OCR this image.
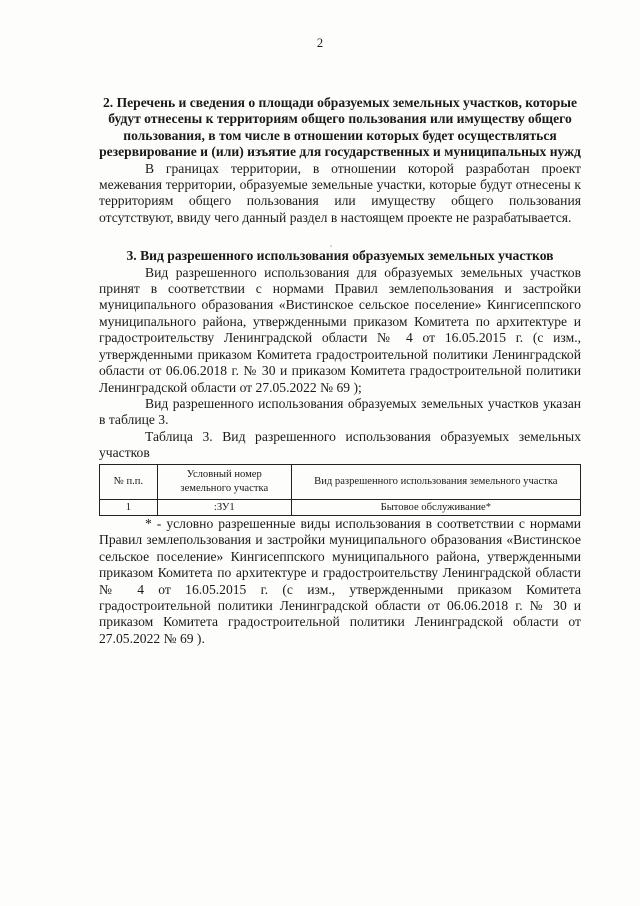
2

2. Перечень и сведения о площади образуемых земельных участков, которые будут отнесены к территориям общего пользования или имуществу общего пользования, в том числе в отношении которых будет осуществляться резервирование и (или) изъятие для государственных и муниципальных нужд

В границах территории, в отношении которой разработан проект межевания территории, образуемые земельные участки, которые будут отнесены к территориям общего пользования или имуществу общего пользования отсутствуют, ввиду чего данный раздел в настоящем проекте не разрабатывается.

3. Вид разрешенного использования образуемых земельных участков

Вид разрешенного использования для образуемых земельных участков принят в соответствии с нормами Правил землепользования и застройки муниципального образования «Вистинское сельское поселение» Кингисеппского муниципального района, утвержденными приказом Комитета по архитектуре и градостроительству Ленинградской области № 4 от 16.05.2015 г. (с изм., утвержденными приказом Комитета градостроительной политики Ленинградской области от 06.06.2018 г. № 30 и приказом Комитета градостроительной политики Ленинградской области от 27.05.2022 № 69 );

Вид разрешенного использования образуемых земельных участков указан в таблице 3.

Таблица 3. Вид разрешенного использования образуемых земельных участков

№ п.п.	Условный номер земельного участка	Вид разрешенного использования земельного участка
1	:ЗУ1	Бытовое обслуживание*

* - условно разрешенные виды использования в соответствии с нормами Правил землепользования и застройки муниципального образования «Вистинское сельское поселение» Кингисеппского муниципального района, утвержденными приказом Комитета по архитектуре и градостроительству Ленинградской области № 4 от 16.05.2015 г. (с изм., утвержденными приказом Комитета градостроительной политики Ленинградской области от 06.06.2018 г. № 30 и приказом Комитета градостроительной политики Ленинградской области от 27.05.2022 № 69 ).
